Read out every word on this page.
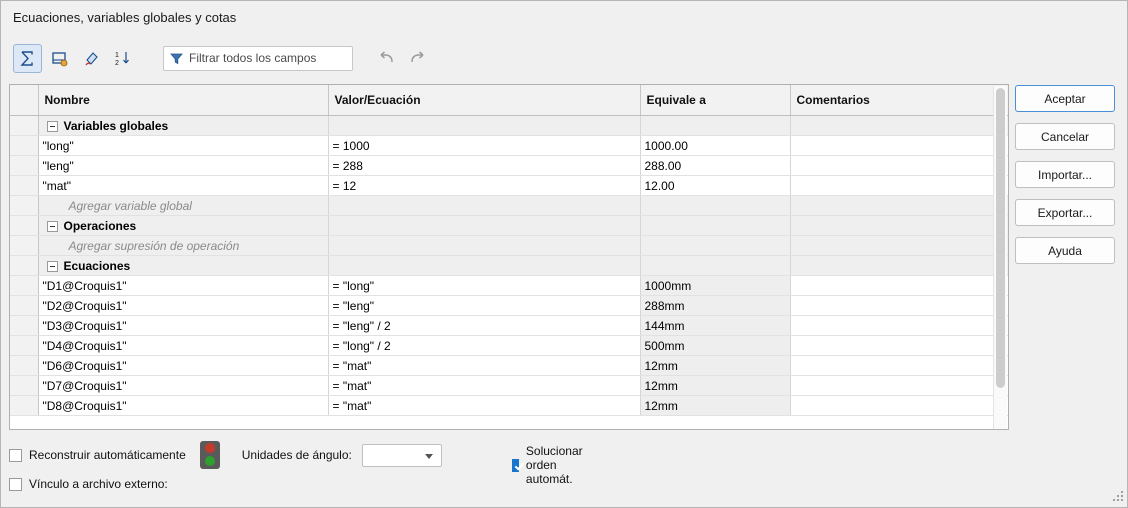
Ecuaciones, variables globales y cotas
1
2	Filtrar todos los campos
	Nombre	Valor/Ecuación	Equivale a	Comentarios
	Variables globales			
	"long"	= 1000	1000.00	
	"leng"	= 288	288.00	
	"mat"	= 12	12.00	
	Agregar variable global			
	Operaciones			
	Agregar supresión de operación			
	Ecuaciones			
	"D1@Croquis1"	= "long"	1000mm	
	"D2@Croquis1"	= "leng"	288mm	
	"D3@Croquis1"	= "leng" / 2	144mm	
	"D4@Croquis1"	= "long" / 2	500mm	
	"D6@Croquis1"	= "mat"	12mm	
	"D7@Croquis1"	= "mat"	12mm	
	"D8@Croquis1"	= "mat"	12mm	
Aceptar
Cancelar
Importar...
Exportar...
Ayuda
Reconstruir automáticamente	Unidades de ángulo:	Solucionar orden automát.
Vínculo a archivo externo:
